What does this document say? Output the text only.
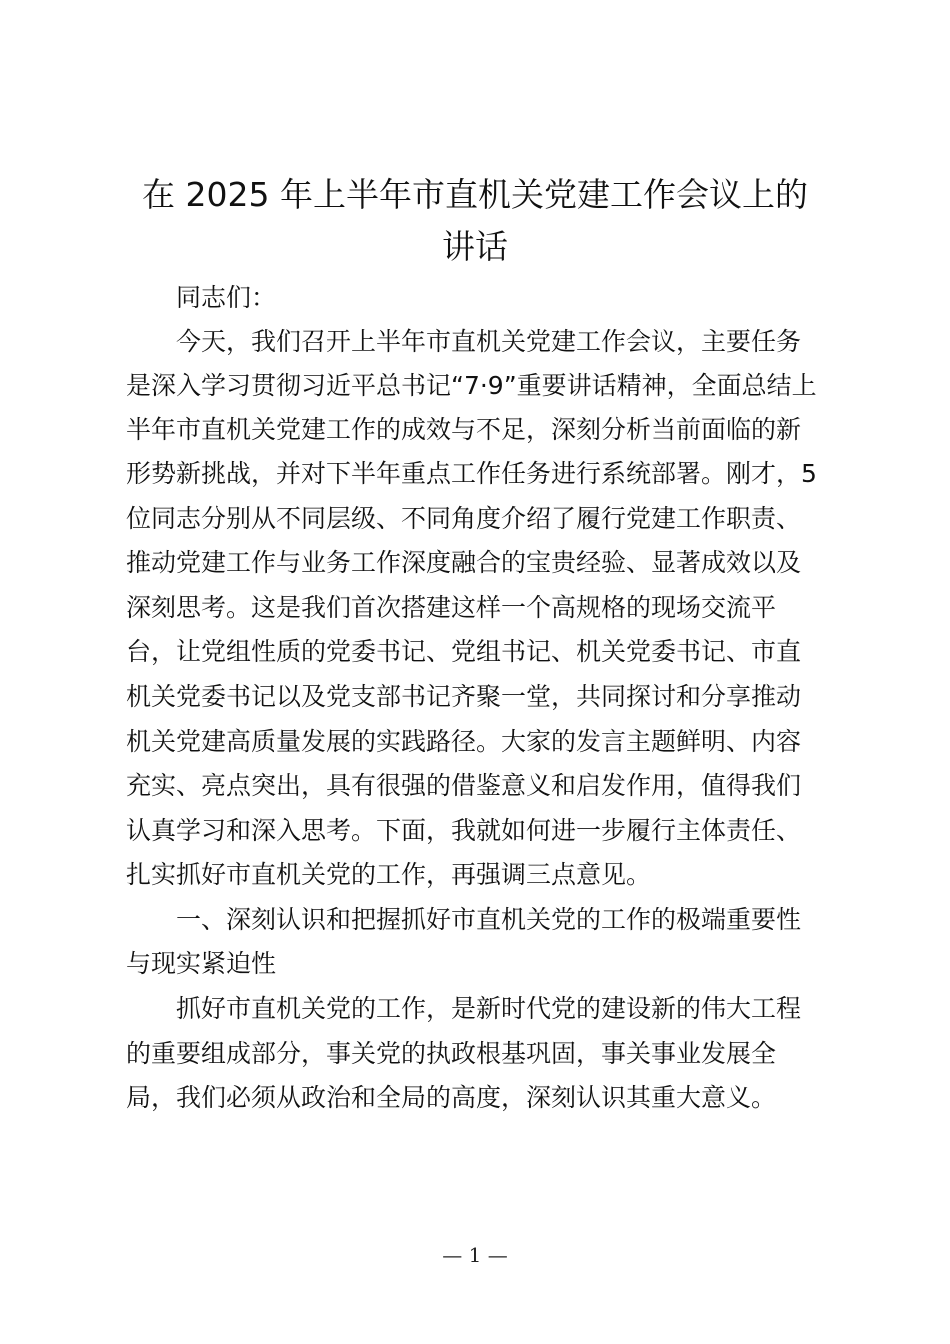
在 2025 年上半年市直机关党建工作会议上的
讲话

同志们：

今天，我们召开上半年市直机关党建工作会议，主要任务

是深入学习贯彻习近平总书记“7·9”重要讲话精神，全面总结上

半年市直机关党建工作的成效与不足，深刻分析当前面临的新

形势新挑战，并对下半年重点工作任务进行系统部署。刚才，5

位同志分别从不同层级、不同角度介绍了履行党建工作职责、

推动党建工作与业务工作深度融合的宝贵经验、显著成效以及

深刻思考。这是我们首次搭建这样一个高规格的现场交流平

台，让党组性质的党委书记、党组书记、机关党委书记、市直

机关党委书记以及党支部书记齐聚一堂，共同探讨和分享推动

机关党建高质量发展的实践路径。大家的发言主题鲜明、内容

充实、亮点突出，具有很强的借鉴意义和启发作用，值得我们

认真学习和深入思考。下面，我就如何进一步履行主体责任、

扎实抓好市直机关党的工作，再强调三点意见。

一、深刻认识和把握抓好市直机关党的工作的极端重要性

与现实紧迫性

抓好市直机关党的工作，是新时代党的建设新的伟大工程

的重要组成部分，事关党的执政根基巩固，事关事业发展全

局，我们必须从政治和全局的高度，深刻认识其重大意义。

— 1 —
